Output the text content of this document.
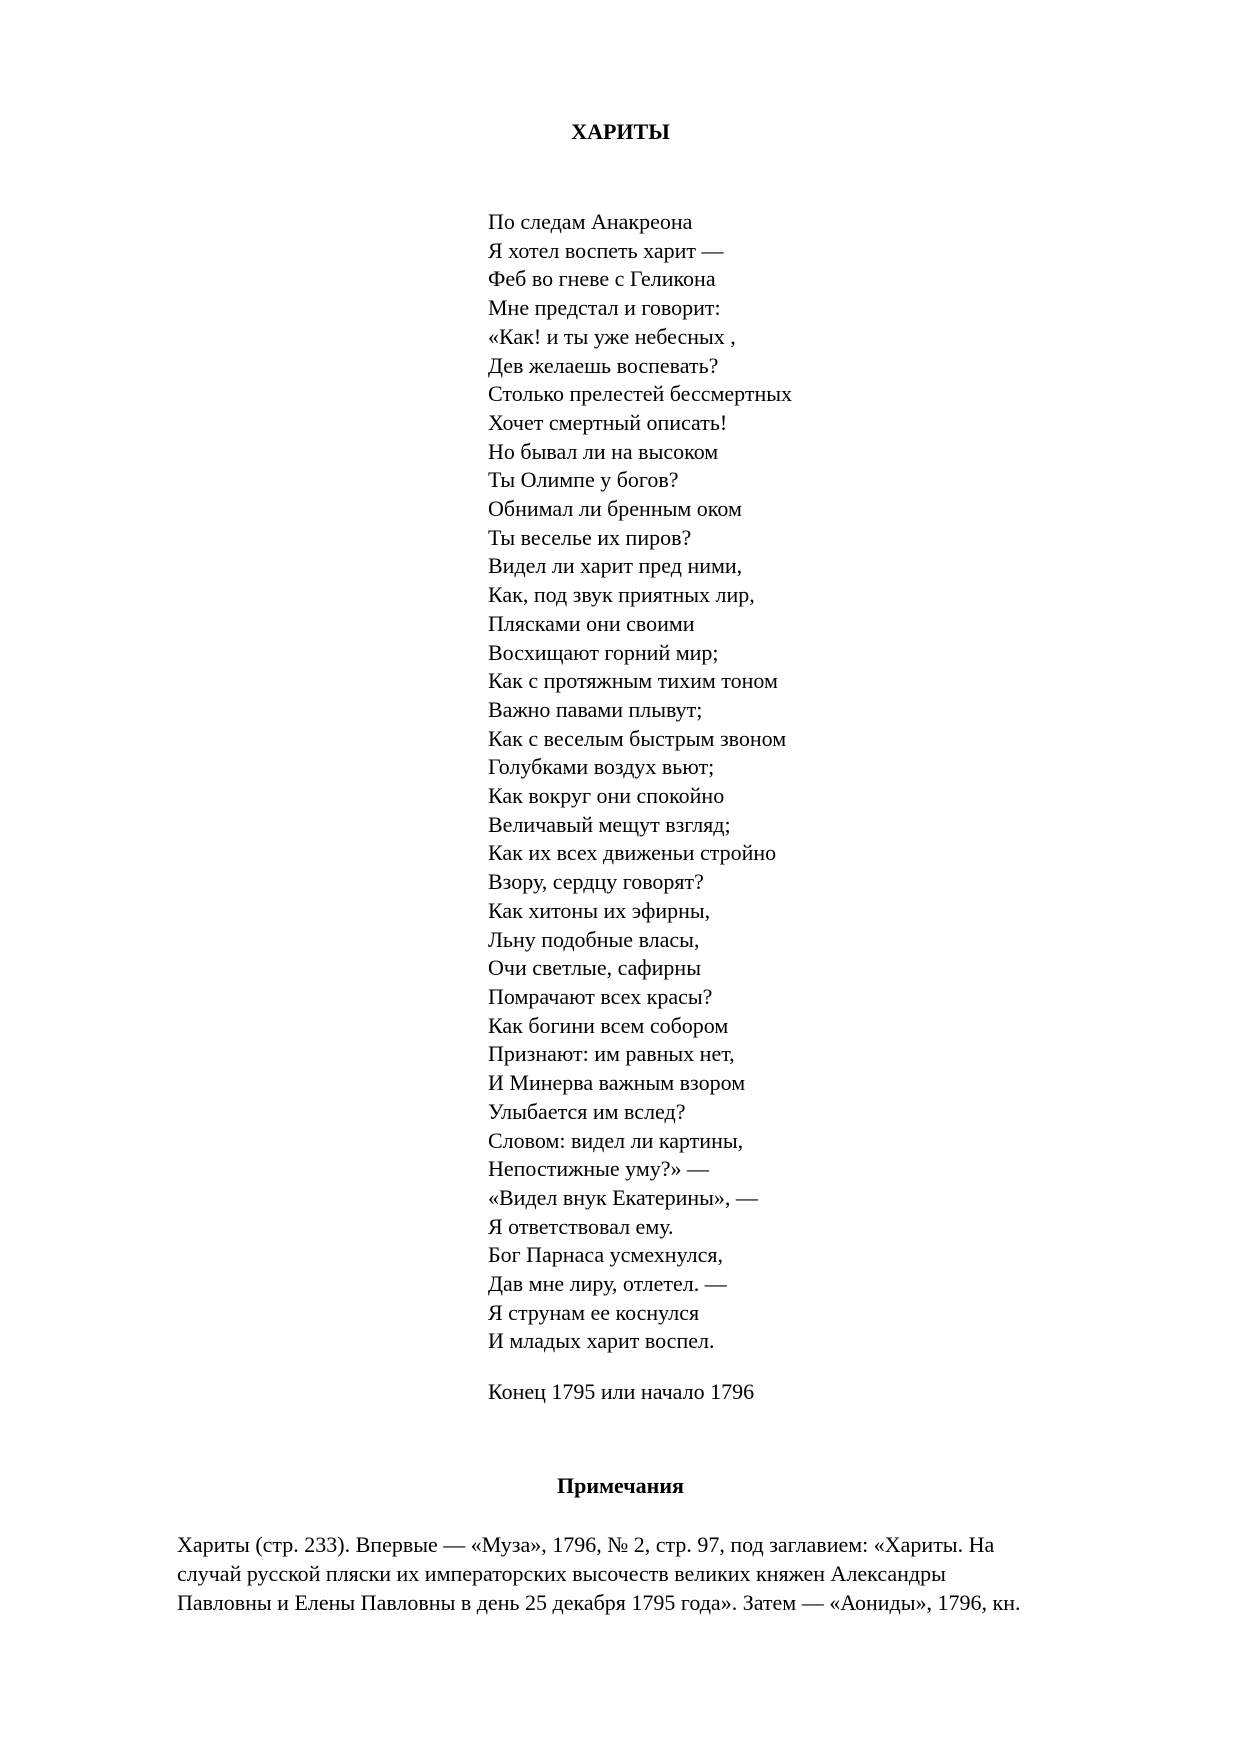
ХАРИТЫ
По следам Анакреона
Я хотел воспеть харит —
Феб во гневе с Геликона
Мне предстал и говорит:
«Как! и ты уже небесных ,
Дев желаешь воспевать?
Столько прелестей бессмертных
Хочет смертный описать!
Но бывал ли на высоком
Ты Олимпе у богов?
Обнимал ли бренным оком
Ты веселье их пиров?
Видел ли харит пред ними,
Как, под звук приятных лир,
Плясками они своими
Восхищают горний мир;
Как с протяжным тихим тоном
Важно павами плывут;
Как с веселым быстрым звоном
Голубками воздух вьют;
Как вокруг они спокойно
Величавый мещут взгляд;
Как их всех движеньи стройно
Взору, сердцу говорят?
Как хитоны их эфирны,
Льну подобные власы,
Очи светлые, сафирны
Помрачают всех красы?
Как богини всем собором
Признают: им равных нет,
И Минерва важным взором
Улыбается им вслед?
Словом: видел ли картины,
Непостижные уму?» —
«Видел внук Екатерины», —
Я ответствовал ему.
Бог Парнаса усмехнулся,
Дав мне лиру, отлетел. —
Я струнам ее коснулся
И младых харит воспел.
Конец 1795 или начало 1796
Примечания
Хариты (стр. 233). Впервые — «Муза», 1796, № 2, стр. 97, под заглавием: «Хариты. На
случай русской пляски их императорских высочеств великих княжен Александры
Павловны и Елены Павловны в день 25 декабря 1795 года». Затем — «Аониды», 1796, кн.
